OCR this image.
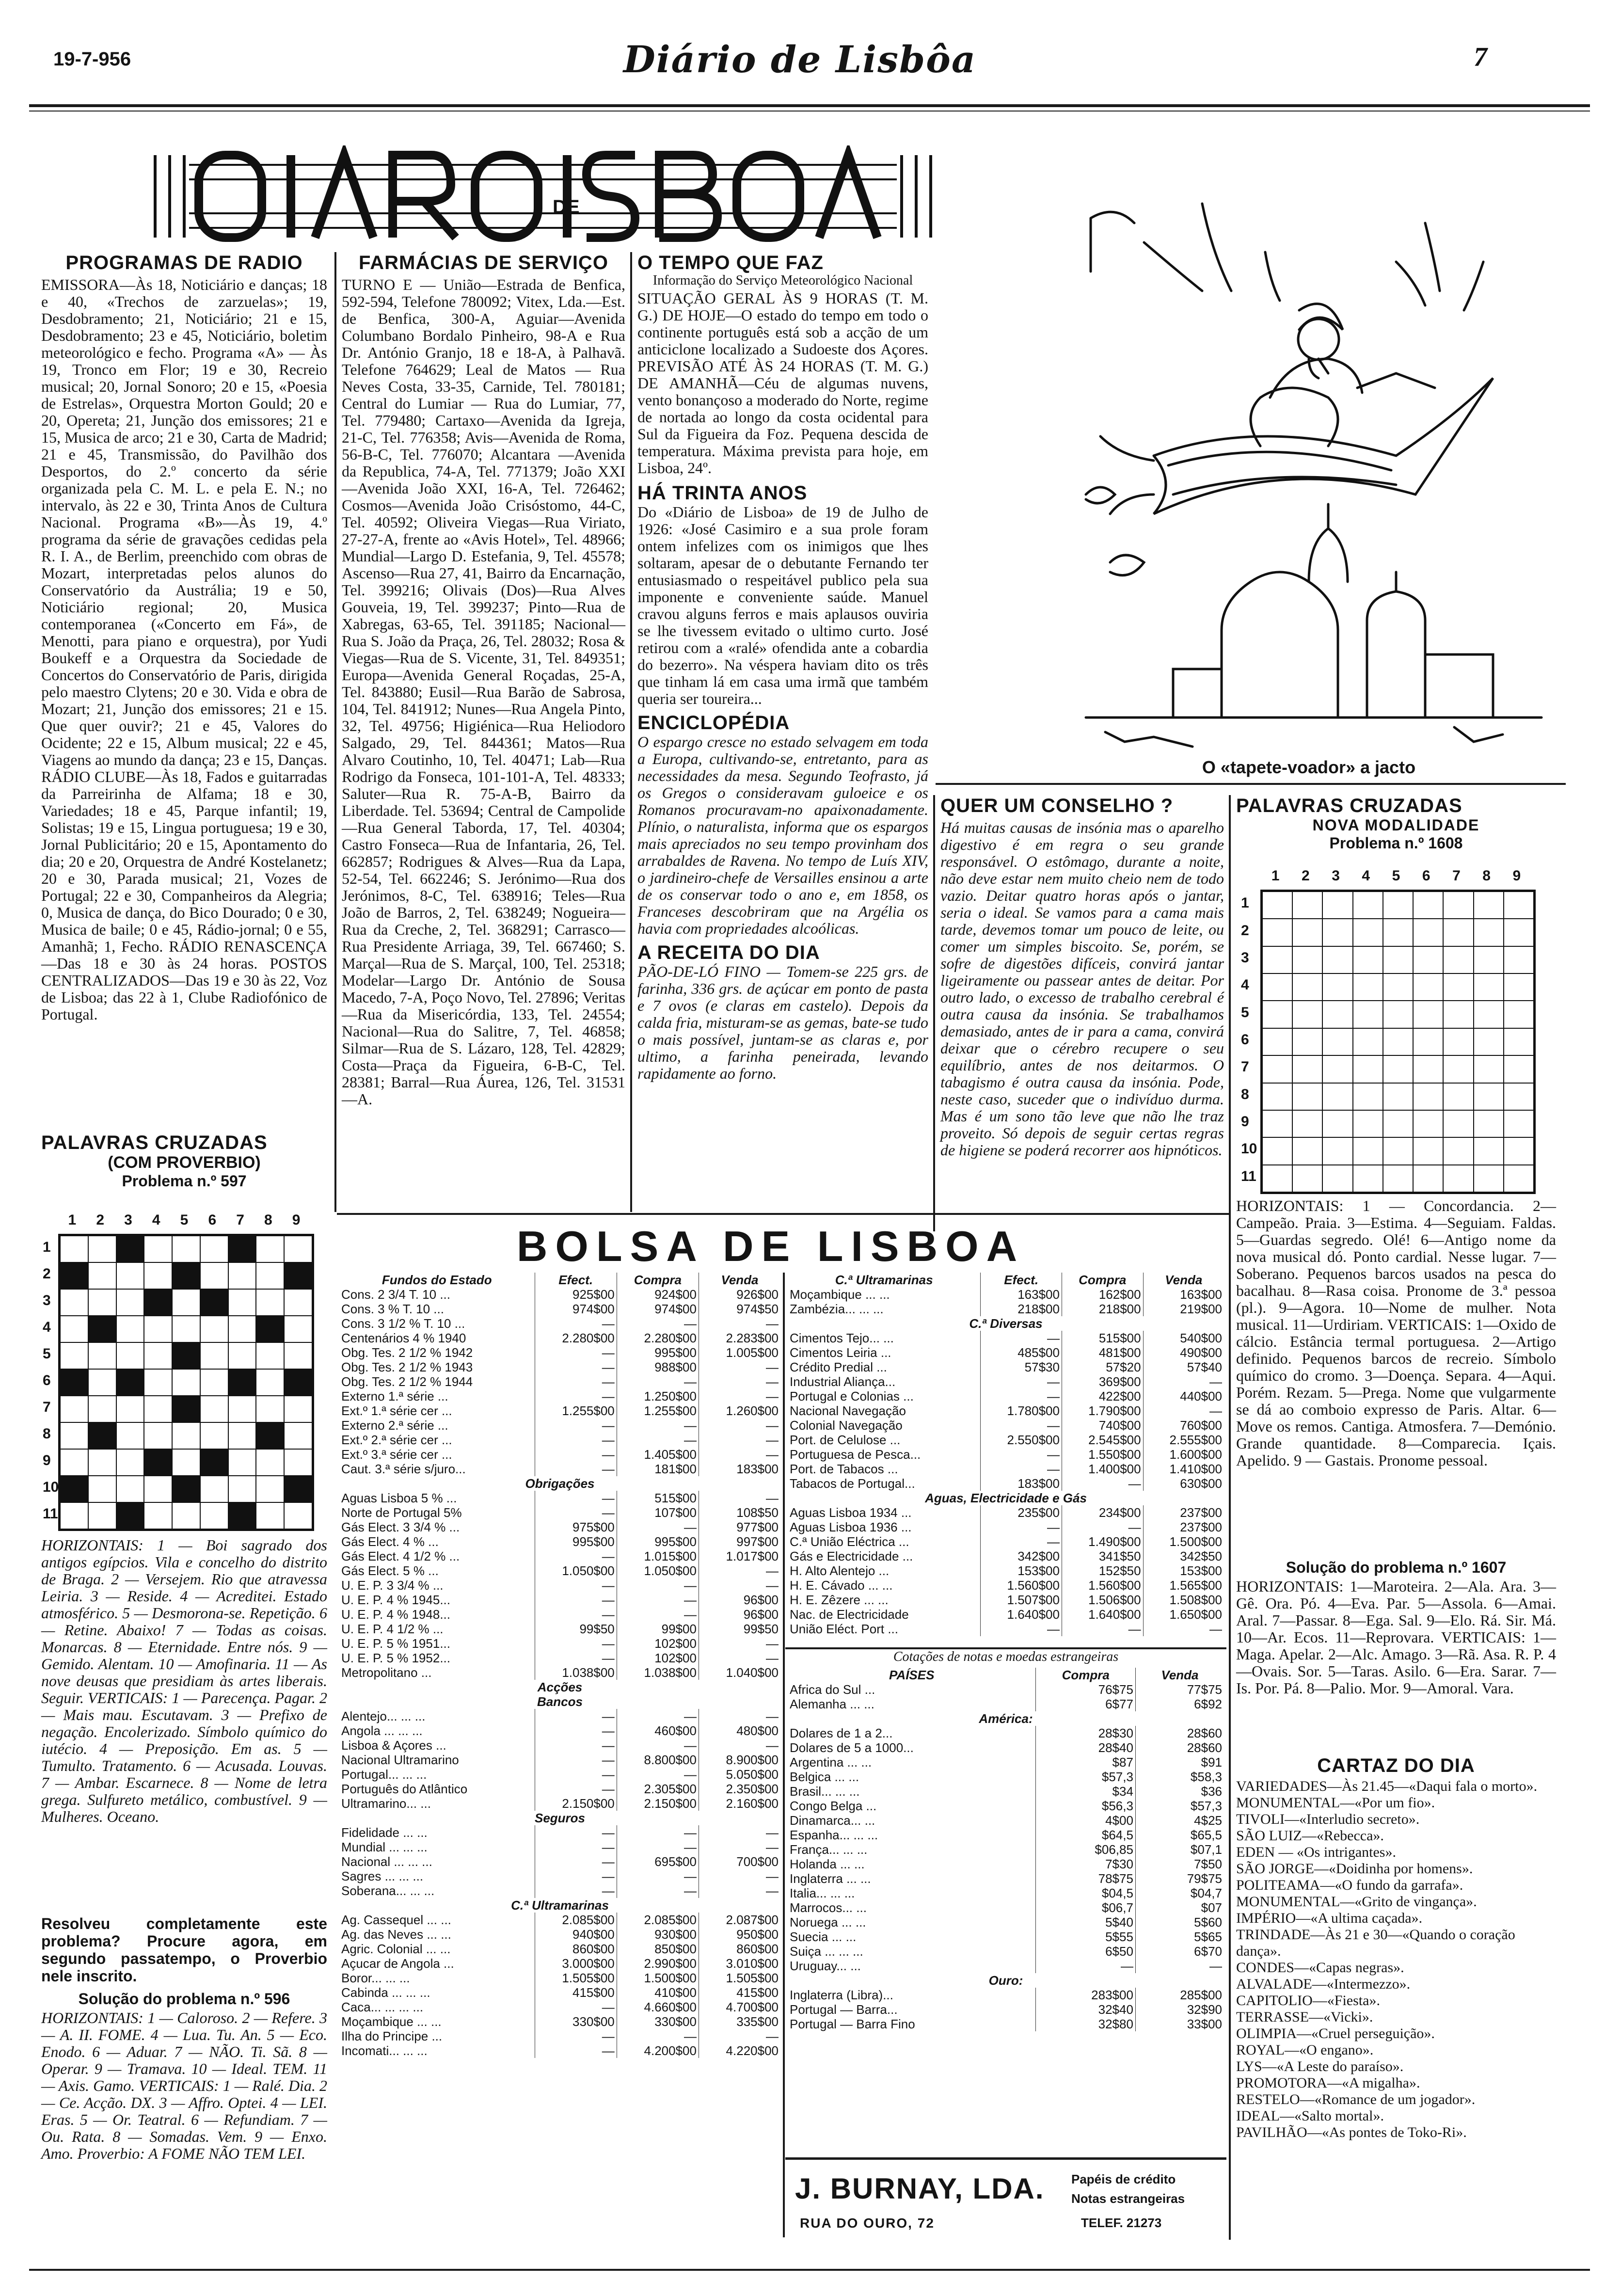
19-7-956	Diário de Lisbôa	7
DE
PROGRAMAS DE RADIO
EMISSORA—Às 18, Noticiário e danças; 18 e 40, «Trechos de zarzuelas»; 19, Desdobramento; 21, Noticiário; 21 e 15, Desdobramento; 23 e 45, Noticiário, boletim meteorológico e fecho. Programa «A» — Às 19, Tronco em Flor; 19 e 30, Recreio musical; 20, Jornal Sonoro; 20 e 15, «Poesia de Estrelas», Orquestra Morton Gould; 20 e 20, Opereta; 21, Junção dos emissores; 21 e 15, Musica de arco; 21 e 30, Carta de Madrid; 21 e 45, Transmissão, do Pavilhão dos Desportos, do 2.º concerto da série organizada pela C. M. L. e pela E. N.; no intervalo, às 22 e 30, Trinta Anos de Cultura Nacional. Programa «B»—Às 19, 4.º programa da série de gravações cedidas pela R. I. A., de Berlim, preenchido com obras de Mozart, interpretadas pelos alunos do Conservatório da Austrália; 19 e 50, Noticiário regional; 20, Musica contemporanea («Concerto em Fá», de Menotti, para piano e orquestra), por Yudi Boukeff e a Orquestra da Sociedade de Concertos do Conservatório de Paris, dirigida pelo maestro Clytens; 20 e 30. Vida e obra de Mozart; 21, Junção dos emissores; 21 e 15. Que quer ouvir?; 21 e 45, Valores do Ocidente; 22 e 15, Album musical; 22 e 45, Viagens ao mundo da dança; 23 e 15, Danças. RÁDIO CLUBE—Às 18, Fados e guitarradas da Parreirinha de Alfama; 18 e 30, Variedades; 18 e 45, Parque infantil; 19, Solistas; 19 e 15, Lingua portuguesa; 19 e 30, Jornal Publicitário; 20 e 15, Apontamento do dia; 20 e 20, Orquestra de André Kostelanetz; 20 e 30, Parada musical; 21, Vozes de Portugal; 22 e 30, Companheiros da Alegria; 0, Musica de dança, do Bico Dourado; 0 e 30, Musica de baile; 0 e 45, Rádio-jornal; 0 e 55, Amanhã; 1, Fecho. RÁDIO RENASCENÇA—Das 18 e 30 às 24 horas. POSTOS CENTRALIZADOS—Das 19 e 30 às 22, Voz de Lisboa; das 22 à 1, Clube Radiofónico de Portugal.
PALAVRAS CRUZADAS
(COM PROVERBIO)
Problema n.º 597
1	2	3	4	5	6	7	8	9
1
2
3
4
5
6
7
8
9
10
11
HORIZONTAIS: 1 — Boi sagrado dos antigos egípcios. Vila e concelho do distrito de Braga. 2 — Versejem. Rio que atravessa Leiria. 3 — Reside. 4 — Acreditei. Estado atmosférico. 5 — Desmorona-se. Repetição. 6 — Retine. Abaixo! 7 — Todas as coisas. Monarcas. 8 — Eternidade. Entre nós. 9 — Gemido. Alentam. 10 — Amofinaria. 11 — As nove deusas que presidiam às artes liberais. Seguir. VERTICAIS: 1 — Parecença. Pagar. 2 — Mais mau. Escutavam. 3 — Prefixo de negação. Encolerizado. Símbolo químico do iutécio. 4 — Preposição. Em as. 5 — Tumulto. Tratamento. 6 — Acusada. Louvas. 7 — Ambar. Escarnece. 8 — Nome de letra grega. Sulfureto metálico, combustível. 9 — Mulheres. Oceano.
Resolveu completamente este problema? Procure agora, em segundo passatempo, o Proverbio nele inscrito.
Solução do problema n.º 596
HORIZONTAIS: 1 — Caloroso. 2 — Refere. 3 — A. II. FOME. 4 — Lua. Tu. An. 5 — Eco. Enodo. 6 — Aduar. 7 — NÃO. Ti. Sã. 8 — Operar. 9 — Tramava. 10 — Ideal. TEM. 11 — Axis. Gamo. VERTICAIS: 1 — Ralé. Dia. 2 — Ce. Acção. DX. 3 — Affro. Optei. 4 — LEI. Eras. 5 — Or. Teatral. 6 — Refundiam. 7 — Ou. Rata. 8 — Somadas. Vem. 9 — Enxo. Amo. Proverbio: A FOME NÃO TEM LEI.
FARMÁCIAS DE SERVIÇO
TURNO E — União—Estrada de Benfica, 592-594, Telefone 780092; Vitex, Lda.—Est. de Benfica, 300-A, Aguiar—Avenida Columbano Bordalo Pinheiro, 98-A e Rua Dr. António Granjo, 18 e 18-A, à Palhavã. Telefone 764629; Leal de Matos — Rua Neves Costa, 33-35, Carnide, Tel. 780181; Central do Lumiar — Rua do Lumiar, 77, Tel. 779480; Cartaxo—Avenida da Igreja, 21-C, Tel. 776358; Avis—Avenida de Roma, 56-B-C, Tel. 776070; Alcantara —Avenida da Republica, 74-A, Tel. 771379; João XXI—Avenida João XXI, 16-A, Tel. 726462; Cosmos—Avenida João Crisóstomo, 44-C, Tel. 40592; Oliveira Viegas—Rua Viriato, 27-27-A, frente ao «Avis Hotel», Tel. 48966; Mundial—Largo D. Estefania, 9, Tel. 45578; Ascenso—Rua 27, 41, Bairro da Encarnação, Tel. 399216; Olivais (Dos)—Rua Alves Gouveia, 19, Tel. 399237; Pinto—Rua de Xabregas, 63-65, Tel. 391185; Nacional—Rua S. João da Praça, 26, Tel. 28032; Rosa & Viegas—Rua de S. Vicente, 31, Tel. 849351; Europa—Avenida General Roçadas, 25-A, Tel. 843880; Eusil—Rua Barão de Sabrosa, 104, Tel. 841912; Nunes—Rua Angela Pinto, 32, Tel. 49756; Higiénica—Rua Heliodoro Salgado, 29, Tel. 844361; Matos—Rua Alvaro Coutinho, 10, Tel. 40471; Lab—Rua Rodrigo da Fonseca, 101-101-A, Tel. 48333; Saluter—Rua R. 75-A-B, Bairro da Liberdade. Tel. 53694; Central de Campolide—Rua General Taborda, 17, Tel. 40304; Castro Fonseca—Rua de Infantaria, 26, Tel. 662857; Rodrigues & Alves—Rua da Lapa, 52-54, Tel. 662246; S. Jerónimo—Rua dos Jerónimos, 8-C, Tel. 638916; Teles—Rua João de Barros, 2, Tel. 638249; Nogueira—Rua da Creche, 2, Tel. 368291; Carrasco—Rua Presidente Arriaga, 39, Tel. 667460; S. Marçal—Rua de S. Marçal, 100, Tel. 25318; Modelar—Largo Dr. António de Sousa Macedo, 7-A, Poço Novo, Tel. 27896; Veritas—Rua da Misericórdia, 133, Tel. 24554; Nacional—Rua do Salitre, 7, Tel. 46858; Silmar—Rua de S. Lázaro, 128, Tel. 42829; Costa—Praça da Figueira, 6-B-C, Tel. 28381; Barral—Rua Áurea, 126, Tel. 31531—A.
O TEMPO QUE FAZ
Informação do Serviço Meteorológico Nacional
SITUAÇÃO GERAL ÀS 9 HORAS (T. M. G.) DE HOJE—O estado do tempo em todo o continente português está sob a acção de um anticiclone localizado a Sudoeste dos Açores. PREVISÃO ATÉ ÀS 24 HORAS (T. M. G.) DE AMANHÃ—Céu de algumas nuvens, vento bonançoso a moderado do Norte, regime de nortada ao longo da costa ocidental para Sul da Figueira da Foz. Pequena descida de temperatura. Máxima prevista para hoje, em Lisboa, 24º.
HÁ TRINTA ANOS
Do «Diário de Lisboa» de 19 de Julho de 1926: «José Casimiro e a sua prole foram ontem infelizes com os inimigos que lhes soltaram, apesar de o debutante Fernando ter entusiasmado o respeitável publico pela sua imponente e conveniente saúde. Manuel cravou alguns ferros e mais aplausos ouviria se lhe tivessem evitado o ultimo curto. José retirou com a «ralé» ofendida ante a cobardia do bezerro». Na véspera haviam dito os três que tinham lá em casa uma irmã que também queria ser toureira...
ENCICLOPÉDIA
O espargo cresce no estado selvagem em toda a Europa, cultivando-se, entretanto, para as necessidades da mesa. Segundo Teofrasto, já os Gregos o consideravam guloeice e os Romanos procuravam-no apaixonadamente. Plínio, o naturalista, informa que os espargos mais apreciados no seu tempo provinham dos arrabaldes de Ravena. No tempo de Luís XIV, o jardineiro-chefe de Versailles ensinou a arte de os conservar todo o ano e, em 1858, os Franceses descobriram que na Argélia os havia com propriedades alcoólicas.
A RECEITA DO DIA
PÃO-DE-LÓ FINO — Tomem-se 225 grs. de farinha, 336 grs. de açúcar em ponto de pasta e 7 ovos (e claras em castelo). Depois da calda fria, misturam-se as gemas, bate-se tudo o mais possível, juntam-se as claras e, por ultimo, a farinha peneirada, levando rapidamente ao forno.
O «tapete-voador» a jacto
QUER UM CONSELHO ?
Há muitas causas de insónia mas o aparelho digestivo é em regra o seu grande responsável. O estômago, durante a noite, não deve estar nem muito cheio nem de todo vazio. Deitar quatro horas após o jantar, seria o ideal. Se vamos para a cama mais tarde, devemos tomar um pouco de leite, ou comer um simples biscoito. Se, porém, se sofre de digestões difíceis, convirá jantar ligeiramente ou passear antes de deitar. Por outro lado, o excesso de trabalho cerebral é outra causa da insónia. Se trabalhamos demasiado, antes de ir para a cama, convirá deixar que o cérebro recupere o seu equilíbrio, antes de nos deitarmos. O tabagismo é outra causa da insónia. Pode, neste caso, suceder que o indivíduo durma. Mas é um sono tão leve que não lhe traz proveito. Só depois de seguir certas regras de higiene se poderá recorrer aos hipnóticos.
PALAVRAS CRUZADAS
NOVA MODALIDADE
Problema n.º 1608
1	2	3	4	5	6	7	8	9
1
2
3
4
5
6
7
8
9
10
11
HORIZONTAIS: 1 — Concordancia. 2—Campeão. Praia. 3—Estima. 4—Seguiam. Faldas. 5—Guardas segredo. Olé! 6—Antigo nome da nova musical dó. Ponto cardial. Nesse lugar. 7—Soberano. Pequenos barcos usados na pesca do bacalhau. 8—Rasa coisa. Pronome de 3.ª pessoa (pl.). 9—Agora. 10—Nome de mulher. Nota musical. 11—Urdiriam. VERTICAIS: 1—Oxido de cálcio. Estância termal portuguesa. 2—Artigo definido. Pequenos barcos de recreio. Símbolo químico do cromo. 3—Doença. Separa. 4—Aqui. Porém. Rezam. 5—Prega. Nome que vulgarmente se dá ao comboio expresso de Paris. Altar. 6—Move os remos. Cantiga. Atmosfera. 7—Demónio. Grande quantidade. 8—Comparecia. Içais. Apelido. 9 — Gastais. Pronome pessoal.
Solução do problema n.º 1607
HORIZONTAIS: 1—Maroteira. 2—Ala. Ara. 3—Gê. Ora. Pó. 4—Eva. Par. 5—Assola. 6—Amai. Aral. 7—Passar. 8—Ega. Sal. 9—Elo. Rá. Sir. Má. 10—Ar. Ecos. 11—Reprovara. VERTICAIS: 1—Maga. Apelar. 2—Alc. Amago. 3—Rã. Asa. R. P. 4—Ovais. Sor. 5—Taras. Asilo. 6—Era. Sarar. 7—Is. Por. Pá. 8—Palio. Mor. 9—Amoral. Vara.
CARTAZ DO DIA
VARIEDADES—Às 21.45—«Daqui fala o morto».
MONUMENTAL—«Por um fio».
TIVOLI—«Interludio secreto».
SÃO LUIZ—«Rebecca».
EDEN — «Os intrigantes».
SÃO JORGE—«Doidinha por homens».
POLITEAMA—«O fundo da garrafa».
MONUMENTAL—«Grito de vingança».
IMPÉRIO—«A ultima caçada».
TRINDADE—Às 21 e 30—«Quando o coração dança».
CONDES—«Capas negras».
ALVALADE—«Intermezzo».
CAPITOLIO—«Fiesta».
TERRASSE—«Vicki».
OLIMPIA—«Cruel perseguição».
ROYAL—«O engano».
LYS—«A Leste do paraíso».
PROMOTORA—«A migalha».
RESTELO—«Romance de um jogador».
IDEAL—«Salto mortal».
PAVILHÃO—«As pontes de Toko-Ri».
BOLSA DE LISBOA
Fundos do Estado	Efect.	Compra	Venda
Cons. 2 3/4 T. 10 ...	925$00	924$00	926$00
Cons. 3 % T. 10 ...	974$00	974$00	974$50
Cons. 3 1/2 % T. 10 ...	—	—	—
Centenários 4 % 1940	2.280$00	2.280$00	2.283$00
Obg. Tes. 2 1/2 % 1942	—	995$00	1.005$00
Obg. Tes. 2 1/2 % 1943	—	988$00	—
Obg. Tes. 2 1/2 % 1944	—	—	—
Externo 1.ª série ...	—	1.250$00	—
Ext.º 1.ª série cer ...	1.255$00	1.255$00	1.260$00
Externo 2.ª série ...	—	—	—
Ext.º 2.ª série cer ...	—	—	—
Ext.º 3.ª série cer ...	—	1.405$00	—
Caut. 3.ª série s/juro...	—	181$00	183$00
Obrigações			
Aguas Lisboa 5 % ...	—	515$00	—
Norte de Portugal 5%	—	107$00	108$50
Gás Elect. 3 3/4 % ...	975$00	—	977$00
Gás Elect. 4 % ...	995$00	995$00	997$00
Gás Elect. 4 1/2 % ...	—	1.015$00	1.017$00
Gás Elect. 5 % ...	1.050$00	1.050$00	—
U. E. P. 3 3/4 % ...	—	—	—
U. E. P. 4 % 1945...	—	—	96$00
U. E. P. 4 % 1948...	—	—	96$00
U. E. P. 4 1/2 % ...	99$50	99$00	99$50
U. E. P. 5 % 1951...	—	102$00	—
U. E. P. 5 % 1952...	—	102$00	—
Metropolitano ...	1.038$00	1.038$00	1.040$00
Acções			
Bancos			
Alentejo... ... ...	—	—	—
Angola ... ... ...	—	460$00	480$00
Lisboa & Açores ...	—	—	—
Nacional Ultramarino	—	8.800$00	8.900$00
Portugal... ... ...	—	—	5.050$00
Português do Atlântico	—	2.305$00	2.350$00
Ultramarino... ...	2.150$00	2.150$00	2.160$00
Seguros			
Fidelidade ... ...	—	—	—
Mundial ... ... ...	—	—	—
Nacional ... ... ...	—	695$00	700$00
Sagres ... ... ...	—	—	—
Soberana... ... ...	—	—	—
C.ª Ultramarinas			
Ag. Cassequel ... ...	2.085$00	2.085$00	2.087$00
Ag. das Neves ... ...	940$00	930$00	950$00
Agric. Colonial ... ...	860$00	850$00	860$00
Açucar de Angola ...	3.000$00	2.990$00	3.010$00
Boror... ... ...	1.505$00	1.500$00	1.505$00
Cabinda ... ... ...	415$00	410$00	415$00
Caca... ... ... ...	—	4.660$00	4.700$00
Moçambique ... ...	330$00	330$00	335$00
Ilha do Principe ...	—	—	—
Incomati... ... ...	—	4.200$00	4.220$00
C.ª Ultramarinas	Efect.	Compra	Venda
Moçambique ... ...	163$00	162$00	163$00
Zambézia... ... ...	218$00	218$00	219$00
C.ª Diversas			
Cimentos Tejo... ...	—	515$00	540$00
Cimentos Leiria ...	485$00	481$00	490$00
Crédito Predial ...	57$30	57$20	57$40
Industrial Aliança...	—	369$00	—
Portugal e Colonias ...	—	422$00	440$00
Nacional Navegação	1.780$00	1.790$00	—
Colonial Navegação	—	740$00	760$00
Port. de Celulose ...	2.550$00	2.545$00	2.555$00
Portuguesa de Pesca...	—	1.550$00	1.600$00
Port. de Tabacos ...	—	1.400$00	1.410$00
Tabacos de Portugal...	183$00	—	630$00
Aguas, Electricidade e Gás			
Aguas Lisboa 1934 ...	235$00	234$00	237$00
Aguas Lisboa 1936 ...	—	—	237$00
C.ª União Eléctrica ...	—	1.490$00	1.500$00
Gás e Electricidade ...	342$00	341$50	342$50
H. Alto Alentejo ...	153$00	152$50	153$00
H. E. Cávado ... ...	1.560$00	1.560$00	1.565$00
H. E. Zêzere ... ...	1.507$00	1.506$00	1.508$00
Nac. de Electricidade	1.640$00	1.640$00	1.650$00
União Eléct. Port ...	—	—	—
Cotações de notas e moedas estrangeiras
PAÍSES	Compra	Venda
Africa do Sul ...	76$75	77$75
Alemanha ... ...	6$77	6$92
América:		
Dolares de 1 a 2...	28$30	28$60
Dolares de 5 a 1000...	28$40	28$60
Argentina ... ...	$87	$91
Belgica ... ...	$57,3	$58,3
Brasil... ... ...	$34	$36
Congo Belga ...	$56,3	$57,3
Dinamarca... ...	4$00	4$25
Espanha... ... ...	$64,5	$65,5
França... ... ...	$06,85	$07,1
Holanda ... ...	7$30	7$50
Inglaterra ... ...	78$75	79$75
Italia... ... ...	$04,5	$04,7
Marrocos... ...	$06,7	$07
Noruega ... ...	5$40	5$60
Suecia ... ...	5$55	5$65
Suiça ... ... ...	6$50	6$70
Uruguay... ...	—	—
Ouro:		
Inglaterra (Libra)...	283$00	285$00
Portugal — Barra...	32$40	32$90
Portugal — Barra Fino	32$80	33$00
J. BURNAY, LDA.
RUA DO OURO, 72
Papéis de crédito
Notas estrangeiras
TELEF. 21273
